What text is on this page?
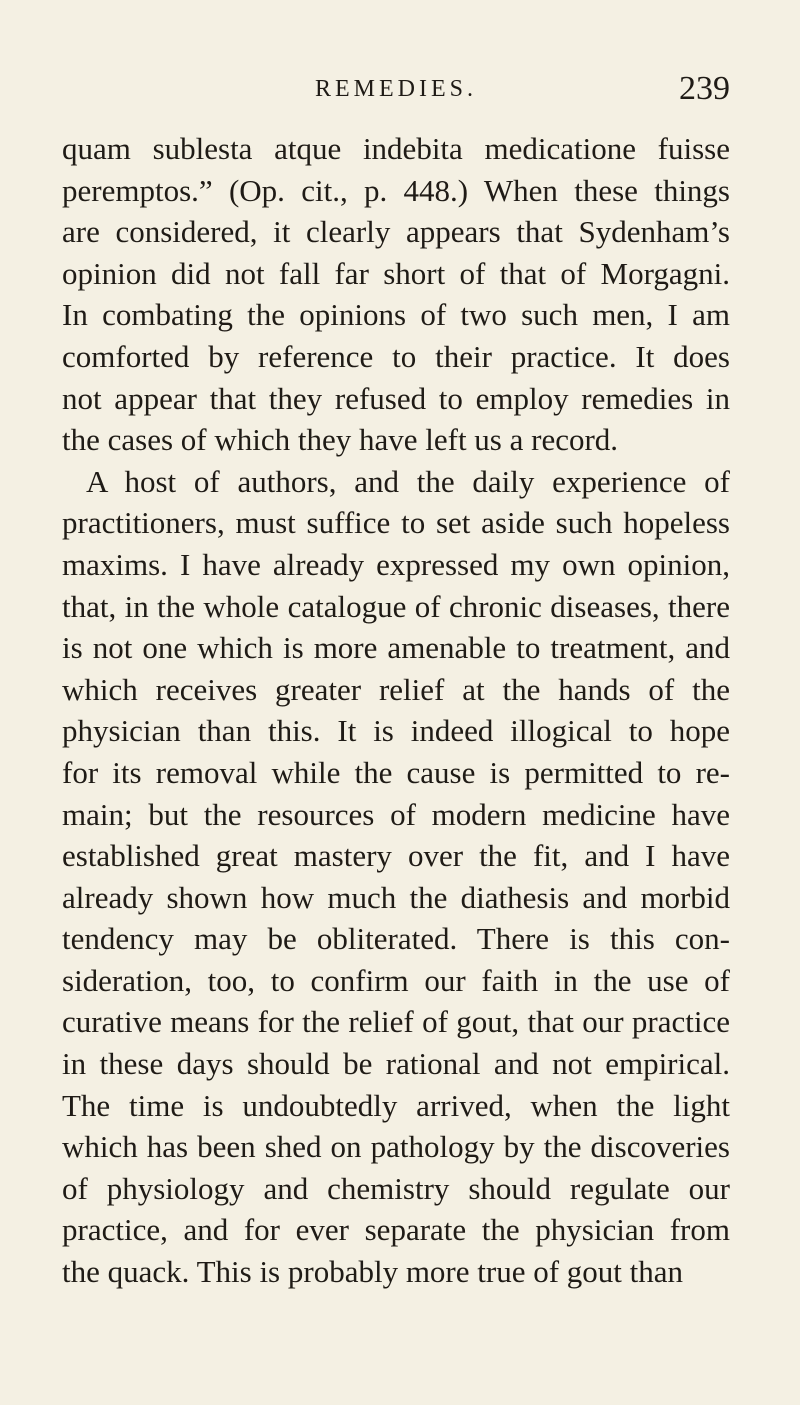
REMEDIES.	239
quam sublesta atque indebita medicatione fuisse
peremptos.” (Op. cit., p. 448.) When these things
are considered, it clearly appears that Sydenham’s
opinion did not fall far short of that of Morgagni.
In combating the opinions of two such men, I am
comforted by reference to their practice. It does
not appear that they refused to employ remedies in
the cases of which they have left us a record.
A host of authors, and the daily experience of
practitioners, must suffice to set aside such hopeless
maxims. I have already expressed my own opinion,
that, in the whole catalogue of chronic diseases, there
is not one which is more amenable to treatment, and
which receives greater relief at the hands of the
physician than this. It is indeed illogical to hope
for its removal while the cause is permitted to re-
main; but the resources of modern medicine have
established great mastery over the fit, and I have
already shown how much the diathesis and morbid
tendency may be obliterated. There is this con-
sideration, too, to confirm our faith in the use of
curative means for the relief of gout, that our practice
in these days should be rational and not empirical.
The time is undoubtedly arrived, when the light
which has been shed on pathology by the discoveries
of physiology and chemistry should regulate our
practice, and for ever separate the physician from
the quack. This is probably more true of gout than
